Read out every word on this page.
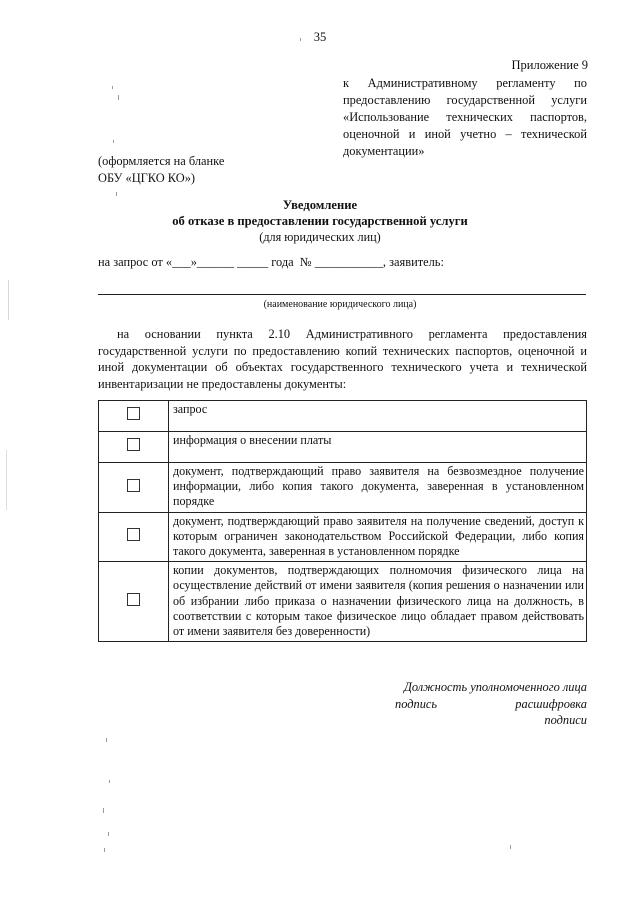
35
Приложение 9
к Административному регламенту по предоставлению государственной услуги «Использование технических паспортов, оценочной и иной учетно – технической документации»
(оформляется на бланке
ОБУ «ЦГКО КО»)
Уведомление
об отказе в предоставлении государственной услуги
(для юридических лиц)
на запрос от «___»______ _____ года  № ___________, заявитель:
(наименование юридического лица)
на основании пункта 2.10 Административного регламента предоставления государственной услуги по предоставлению копий технических паспортов, оценочной и иной документации об объектах государственного технического учета и технической инвентаризации не предоставлены документы:
	запрос
	информация о внесении платы
	документ, подтверждающий право заявителя на безвозмездное получение информации, либо копия такого документа, заверенная в установленном порядке
	документ, подтверждающий право заявителя на получение сведений, доступ к которым ограничен законодательством Российской Федерации, либо копия такого документа, заверенная в установленном порядке
	копии документов, подтверждающих полномочия физического лица на осуществление действий от имени заявителя (копия решения о назначении или об избрании либо приказа о назначении физического лица на должность, в соответствии с которым такое физическое лицо обладает правом действовать от имени заявителя без доверенности)
Должность уполномоченного лица
подпись	расшифровка
подписи
